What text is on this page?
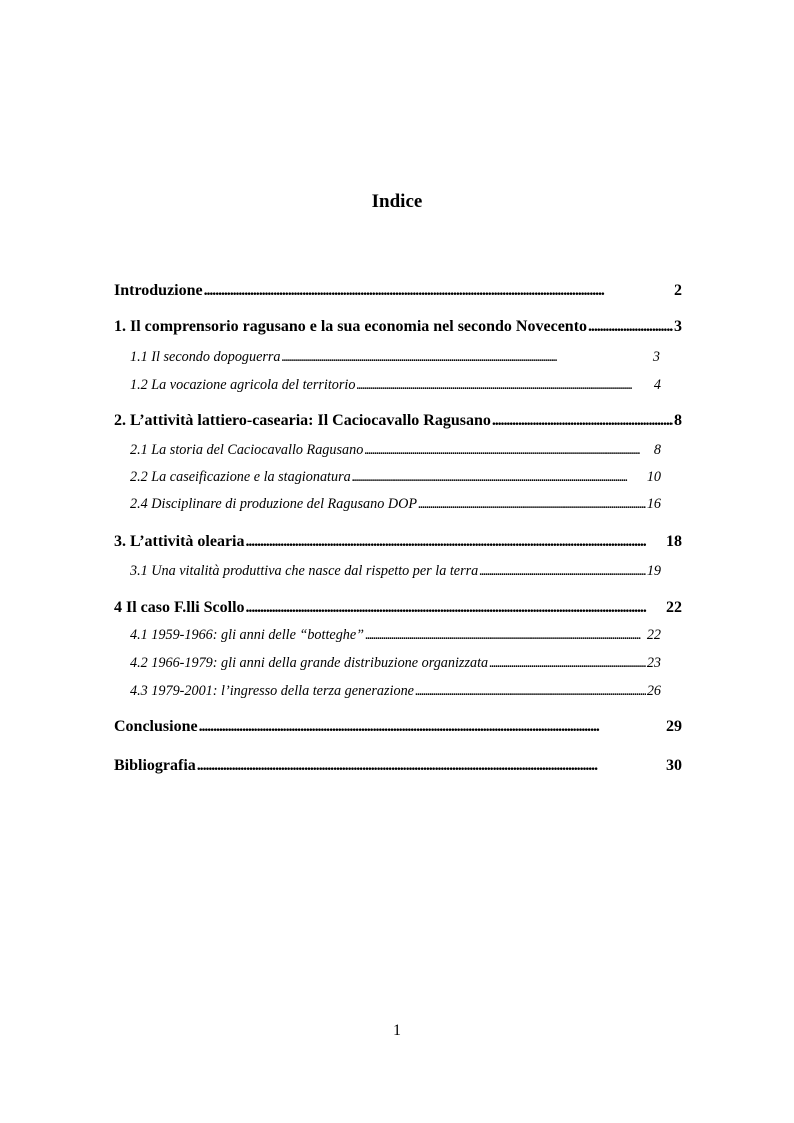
Indice
Introduzione . . .	2
1. Il comprensorio ragusano e la sua economia nel secondo Novecento . . .	3
1.1 Il secondo dopoguerra . . .	3
1.2 La vocazione agricola del territorio . . .	4
2. L’attività lattiero-casearia: Il Caciocavallo Ragusano . . .	8
2.1 La storia del Caciocavallo Ragusano . . .	8
2.2 La caseificazione e la stagionatura . . .	10
2.4 Disciplinare di produzione del Ragusano DOP . . .	16
3. L’attività olearia . . .	18
3.1 Una vitalità produttiva che nasce dal rispetto per la terra . . .	19
4 Il caso F.lli Scollo . . .	22
4.1 1959-1966: gli anni delle “botteghe” . . .	22
4.2 1966-1979: gli anni della grande distribuzione organizzata . . .	23
4.3 1979-2001: l’ingresso della terza generazione . . .	26
Conclusione . . .	29
Bibliografia . . .	30
1
